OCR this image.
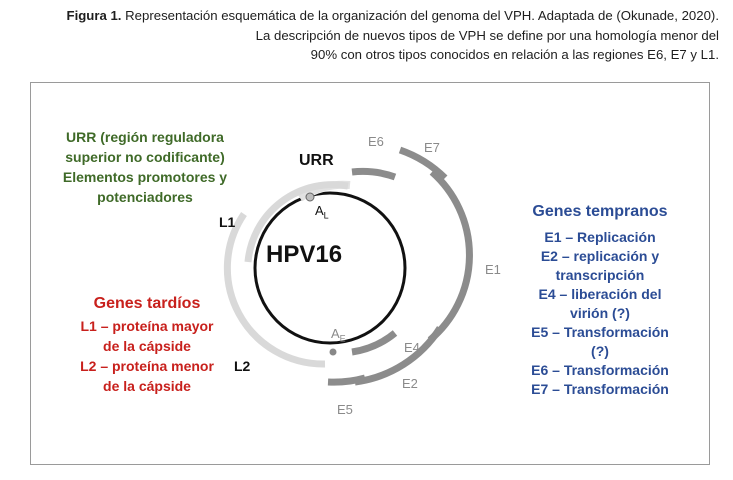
Figura 1. Representación esquemática de la organización del genoma del VPH. Adaptada de (Okunade, 2020).
La descripción de nuevos tipos de VPH se define por una homología menor del
90% con otros tipos conocidos en relación a las regiones E6, E7 y L1.
URR
HPV16
$A_L$
$A_E$
E6	E7
E1
E4
E2
E5
L2
L1
URR (región reguladora
superior no codificante)
Elementos promotores y
potenciadores
Genes tardíos
L1 – proteína mayor
de la cápside
L2 – proteína menor
de la cápside
Genes tempranos
E1 – Replicación
E2 – replicación y
transcripción
E4 – liberación del
virión (?)
E5 – Transformación
(?)
E6 – Transformación
E7 – Transformación
